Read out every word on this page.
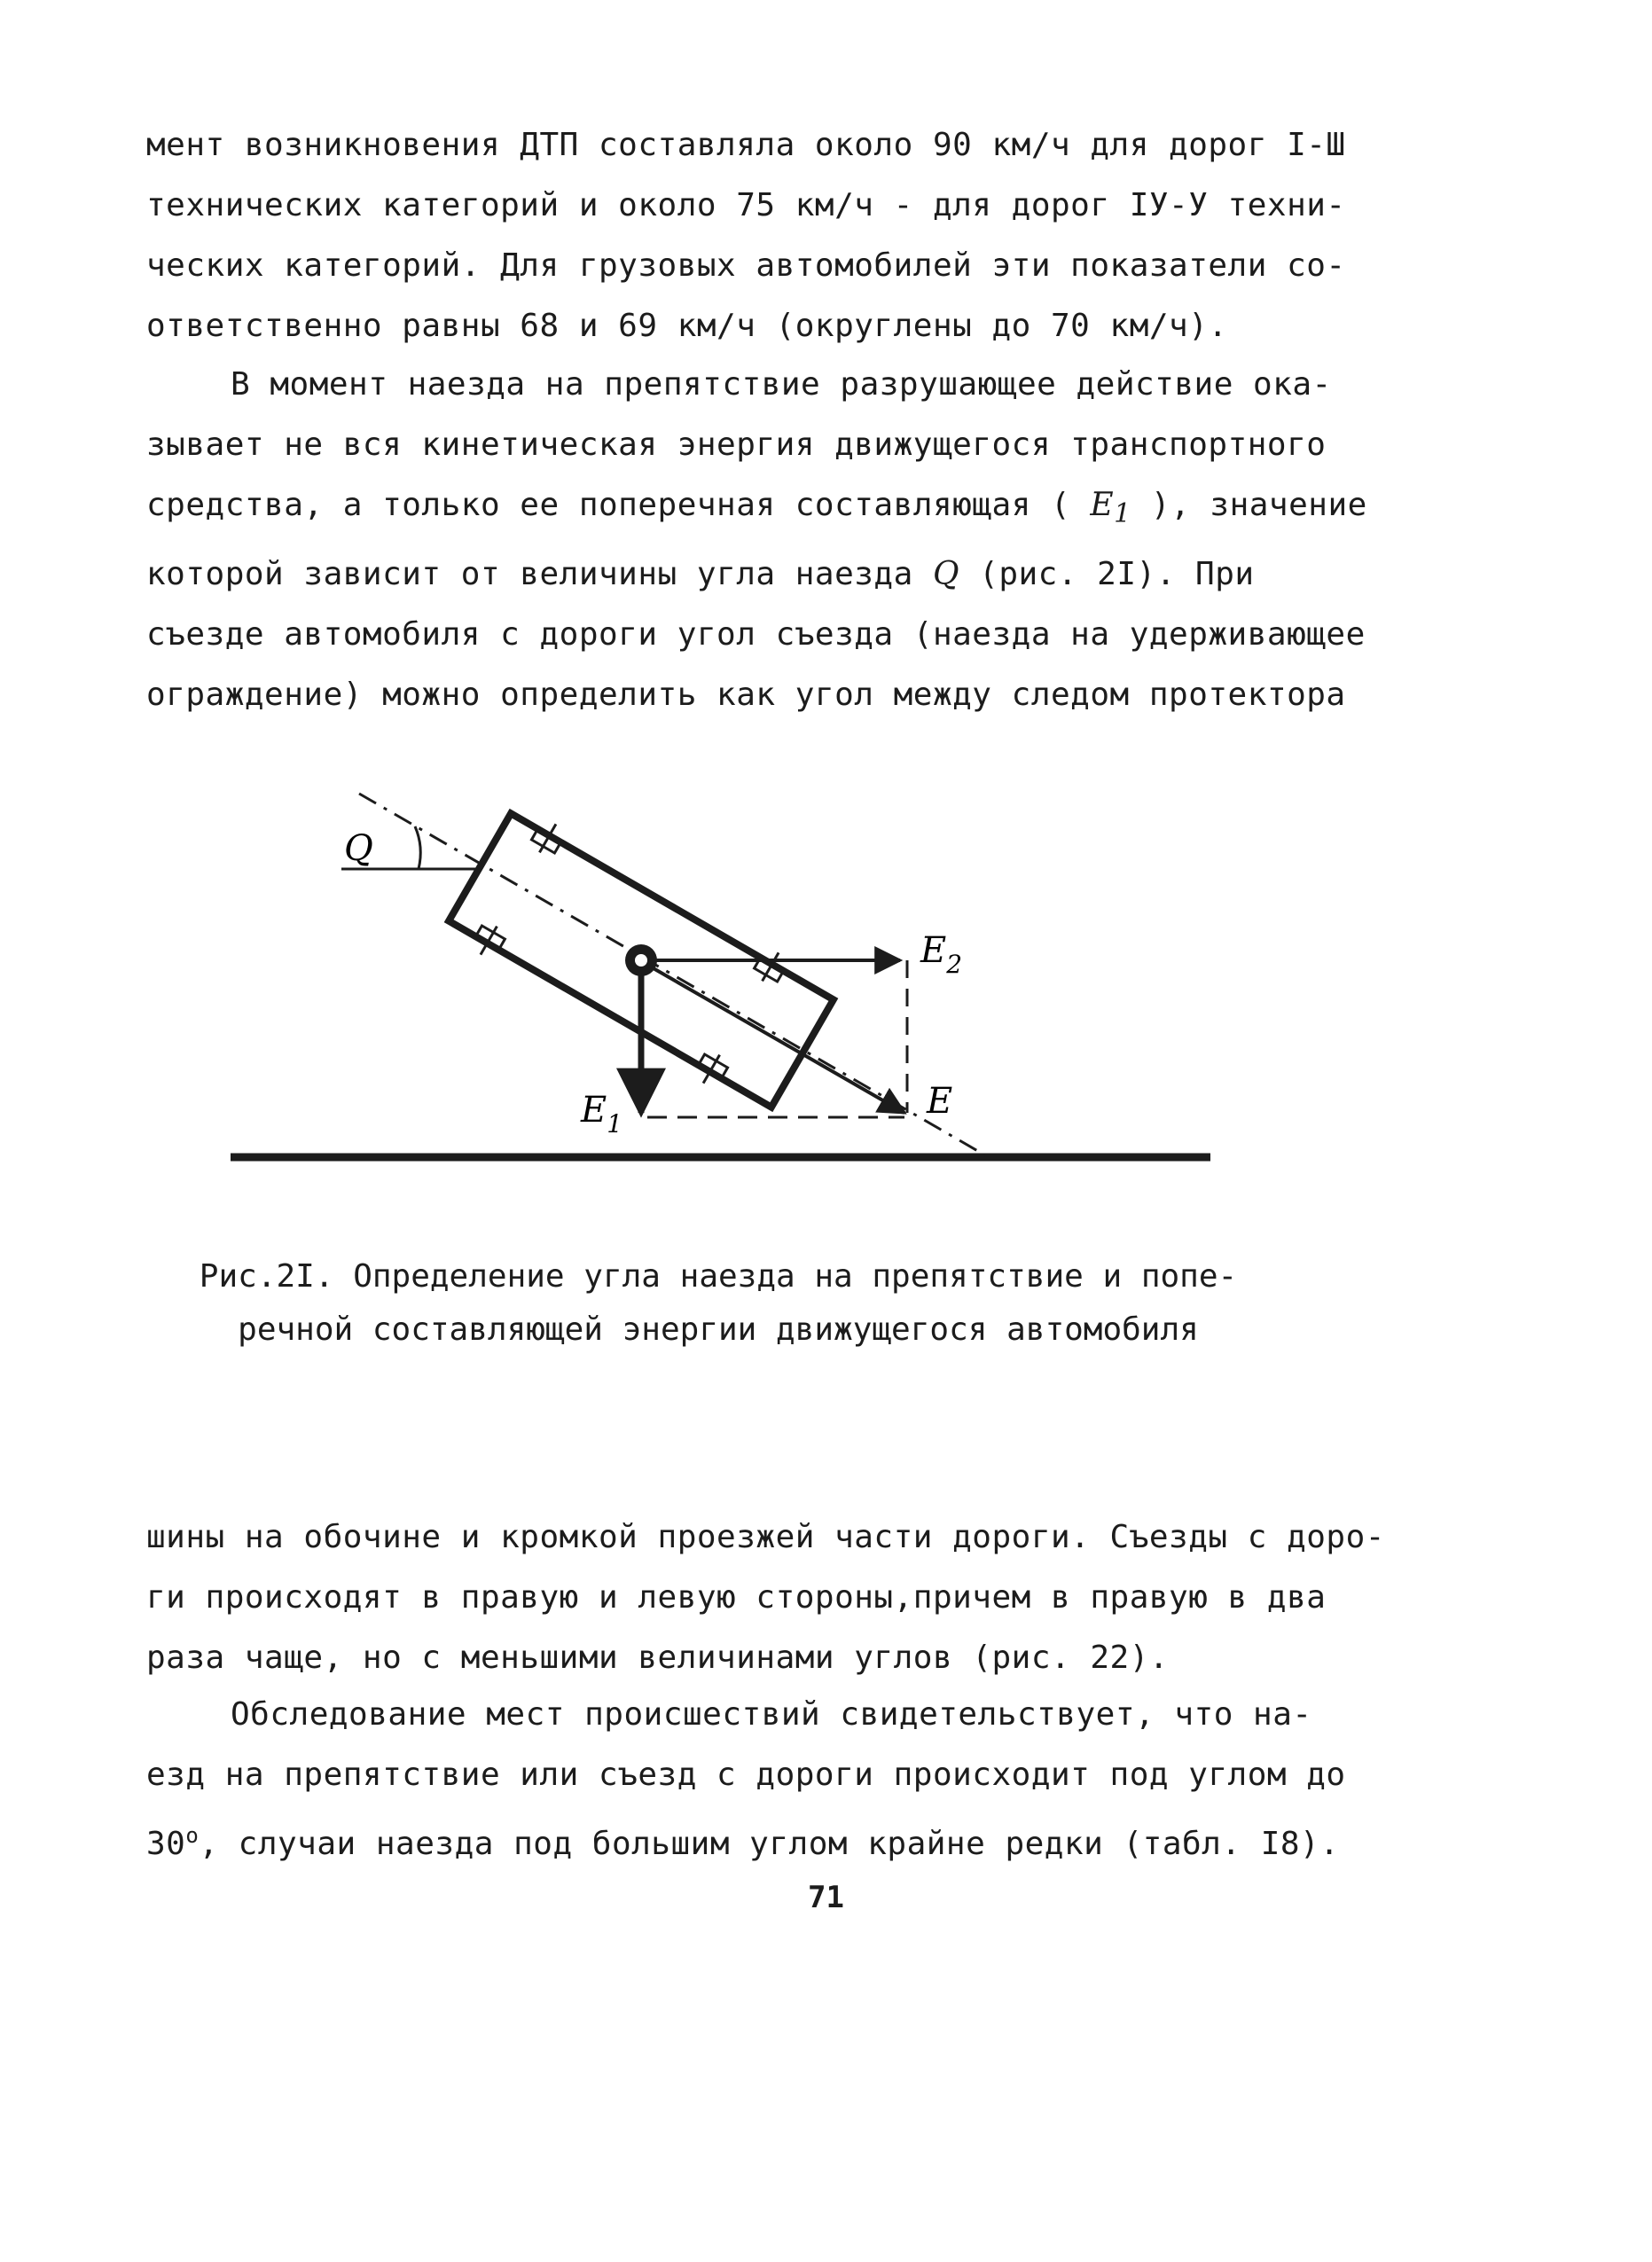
мент возникновения ДТП составляла около 90 км/ч для дорог I-Ш
технических категорий и около 75 км/ч - для дорог IУ-У техни-
ческих категорий. Для грузовых автомобилей эти показатели со-
ответственно равны 68 и 69 км/ч (округлены до 70 км/ч).

В момент наезда на препятствие разрушающее действие ока-
зывает не вся кинетическая энергия движущегося транспортного
средства, а только ее поперечная составляющая ( $E_1$ ), значение
которой зависит от величины угла наезда Q (рис. 2I). При
съезде автомобиля с дороги угол съезда (наезда на удерживающее
ограждение) можно определить как угол между следом протектора

Q
E
$E_1$
$E_2$

Рис.2I. Определение угла наезда на препятствие и попе-
речной составляющей энергии движущегося автомобиля

шины на обочине и кромкой проезжей части дороги. Съезды с доро-
ги происходят в правую и левую стороны,причем в правую в два
раза чаще, но с меньшими величинами углов (рис. 22).

Обследование мест происшествий свидетельствует, что на-
езд на препятствие или съезд с дороги происходит под углом до
$30^о$, случаи наезда под большим углом крайне редки (табл. I8).

71
